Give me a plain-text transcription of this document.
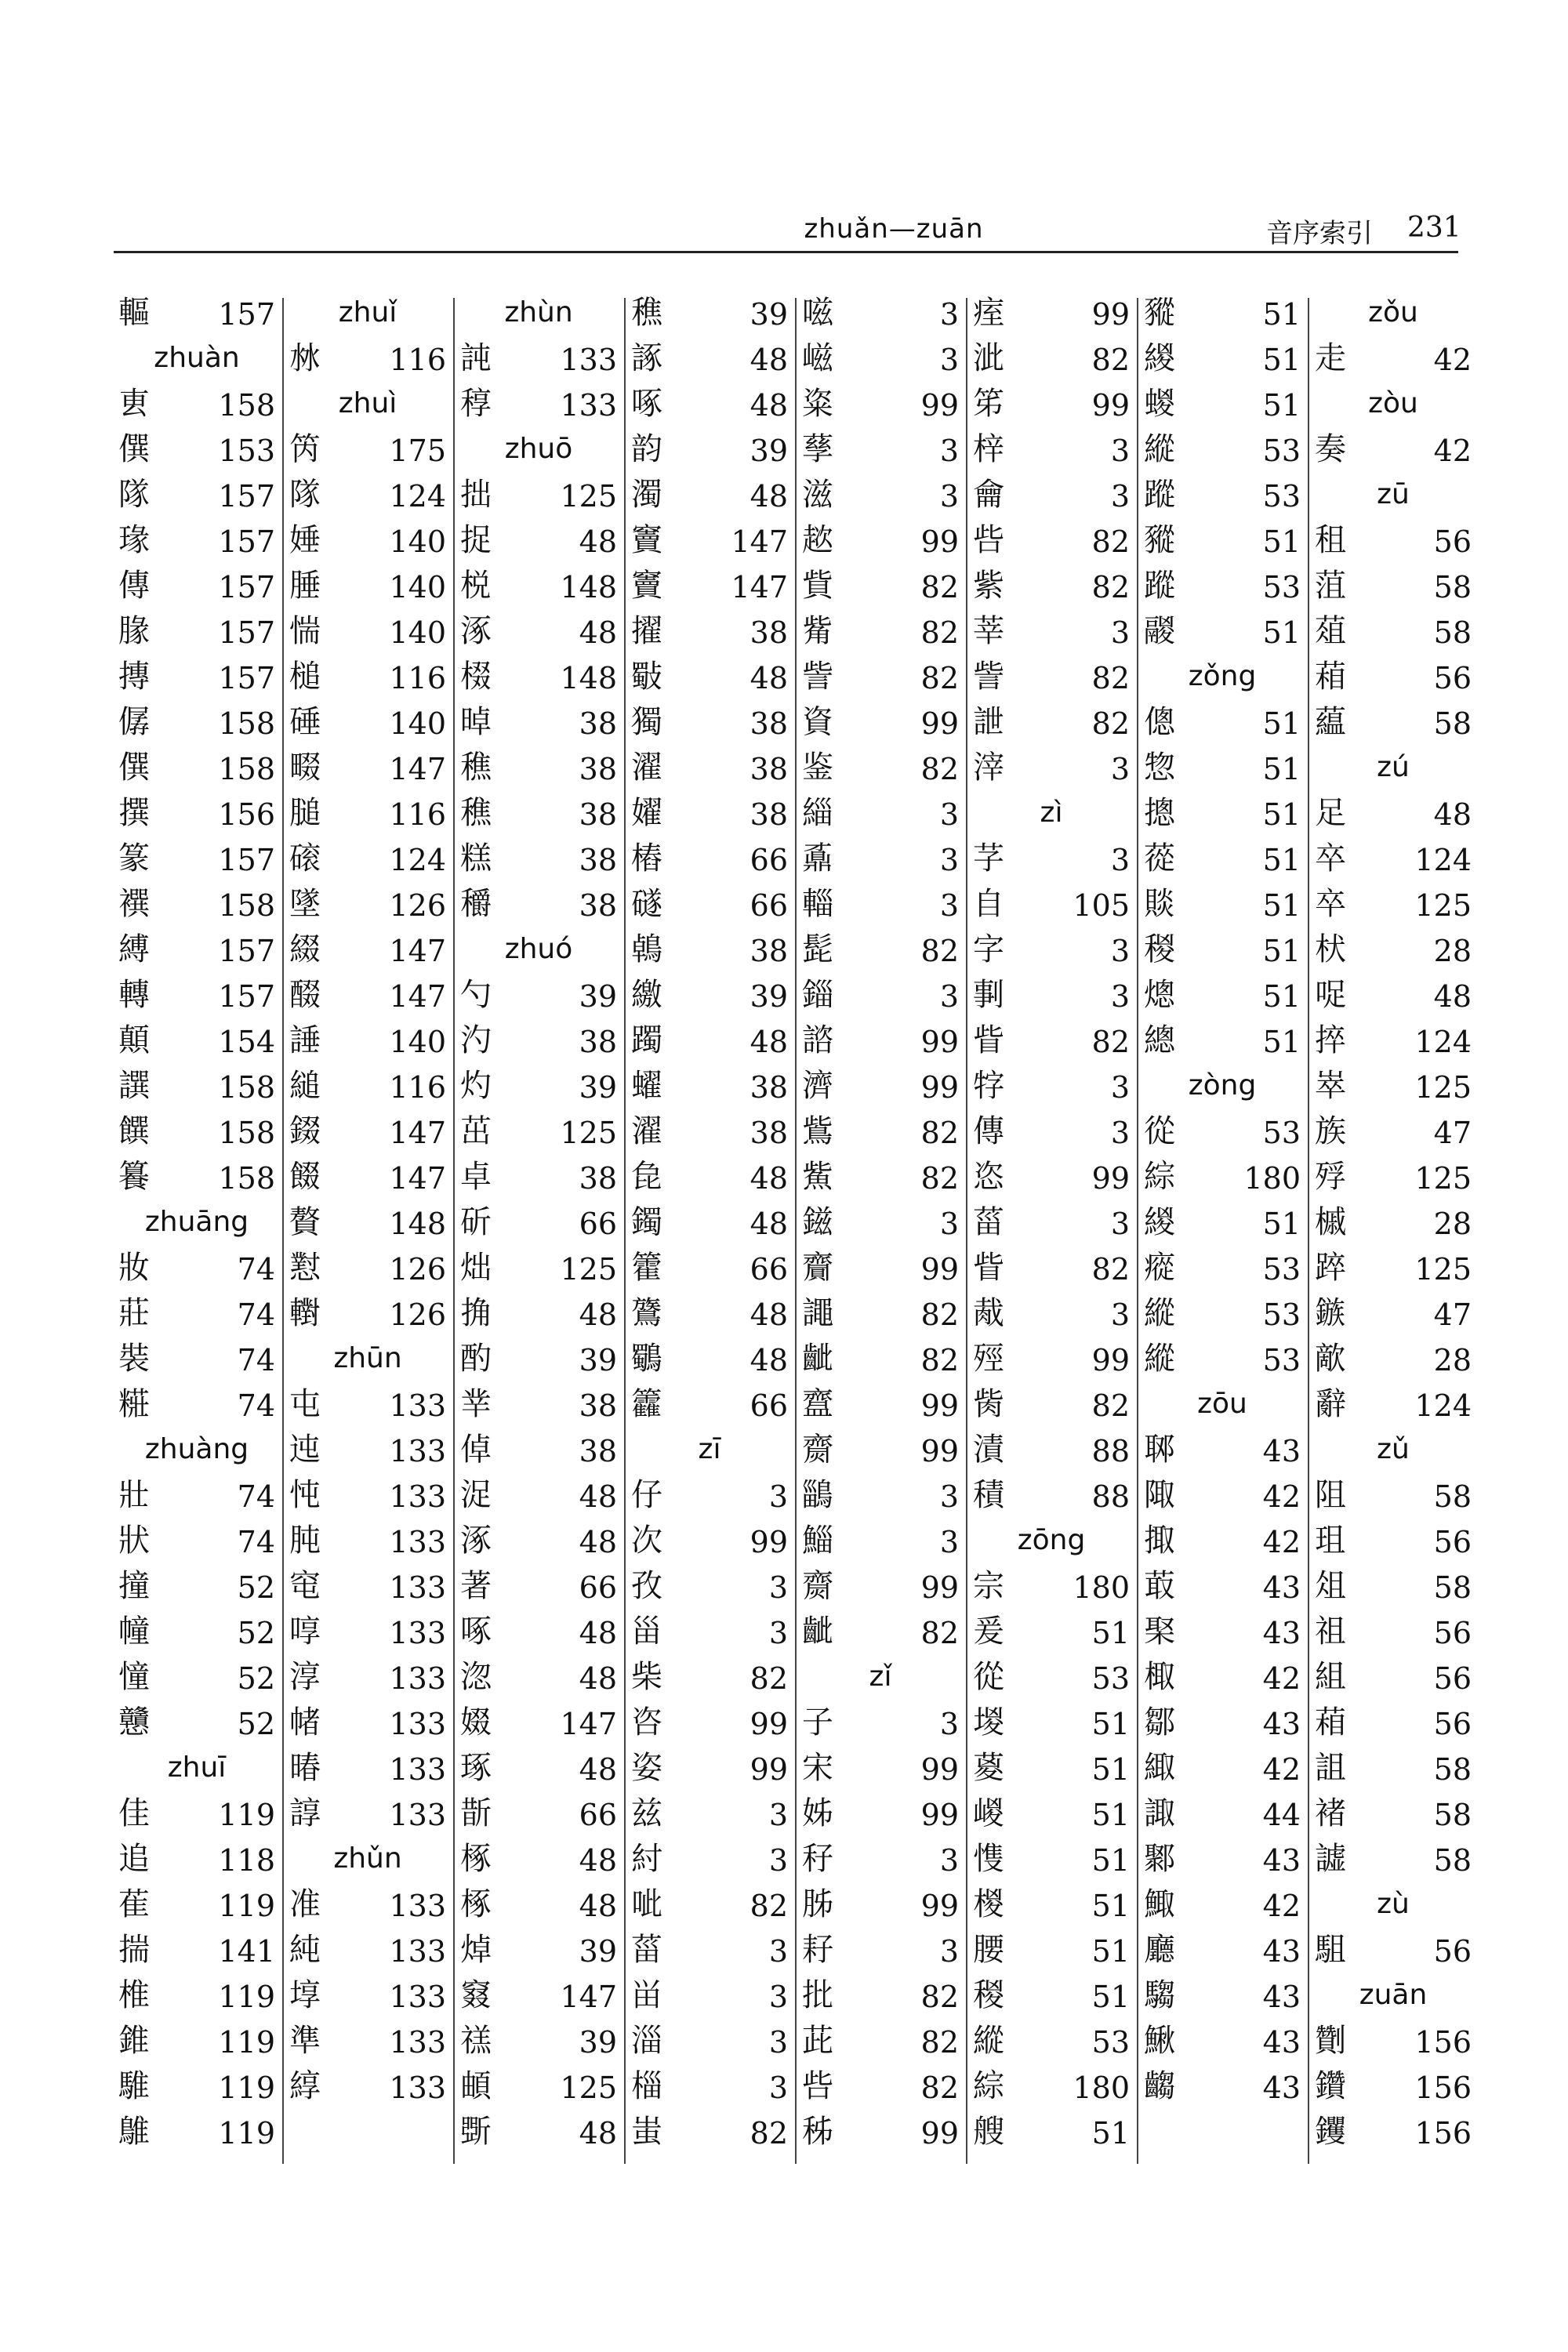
zhuǎn—zuān	音序索引 231
䡱 157
zhuàn
叀 158
僎 153
隊 157
瑑 157
傳 157
腞 157
摶 157
僝 158
僎 158
撰 156
篆 157
襈 158
縛 157
轉 157
顛 154
譔 158
饌 158
籑 158
zhuāng
妝	74
莊	74
裝	74
糚	74
zhuàng
壯	74
狀	74
撞	52
幢	52
憧	52
戇	52
zhuī
佳 119
追 118
萑 119
揣 141
椎 119
錐 119
騅 119
鵻 119
zhuǐ
沝 116
zhuì
笍 175
隊 124
娷 140
腄 140
惴 140
槌 116
硾 140
畷 147
膇 116
磙 124
墜 126
綴 147
醊 147
諈 140
縋 116
錣 147
餟 147
贅 148
懟 126
轛 126
zhūn
屯 133
迍 133
忳 133
肫 133
窀 133
啍 133
淳 133
帾 133
暙 133
諄 133
zhǔn
准 133
純 133
埻 133
準 133
綧 133
zhùn
訰 133
稕 133
zhuō
拙 125
捉	48
棁 148
涿	48
棳 148
晫	38
穛	38
穛	38
糕	38
穱	38
zhuó
勺	39
汋	38
灼	39
茁 125
卓	38
斫	66
炪 125
捔	48
酌	39
丵	38
倬	38
浞	48
涿	48
著	66
啄	48
淴	48
娺 147
琢	48
斮	66
椓	48
椓	48
焯	39
窡 147
禚	39
頔 125
斲	48
穛	39
諑	48
啄	48
韵	39
濁	48
竇 147
竇 147
擢	38
斀	48
獨	38
濯	38
嬥	38
樁	66
礈	66
鵫	38
繳	39
躅	48
蠗	38
濯	38
㲋	48
鐲	48
籗	66
鷟	48
鸀	48
籱	66
zī
仔	3
次	99
孜	3
甾	3
柴	82
咨	99
姿	99
兹	3
紂	3
呲	82
菑	3
畄	3
淄	3
椔	3
蚩	82
嗞	3
嵫	3
粢	99
孶	3
滋	3
趑	99
貲	82
觜	82
訾	82
資	99
鉴	82
緇	3
鼒	3
輜	3
髭	82
錙	3
諮	99
濟	99
鴜	82
鮆	82
鎡	3
齎	99
譝	82
齜	82
齍	99
齌	99
鶅	3
鯔	3
齌	99
齜	82
zǐ
子	3
宋	99
姊	99
秄	3
胏	99
耔	3
批	82
茈	82
呰	82
秭	99
痓	99
泚	82
笫	99
梓	3
龠	3
呰	82
紫	82
莘	3
訾	82
詍	82
滓	3
zì
芓	3
自 105
字	3
剚	3
眥	82
牸	3
傳	3
恣	99
菑	3
眥	82
胾	3
殌	99
胔	82
漬	88
積	88
zōng
宗 180
爰	51
從	53
堫	51
葼	51
嵕	51
愯	51
椶	51
腰	51
稯	51
縱	53
綜 180
艘	51
豵	51
緵	51
蝬	51
縱	53
蹤	53
豵	51
蹤	53
鬷	51
zǒng
傯	51
惣	51
摠	51
蓯	51
賧	51
稯	51
熜	51
總	51
zòng
從	53
綜 180
緵	51
瘲	53
縱	53
縱	53
zōu
郰	43
陬	42
掫	42
菆	43
棸	43
棷	42
鄒	43
緅	42
諏	44
鄹	43
鯫	42
廳	43
騶	43
鰍	43
齺	43
zǒu
走	42
zòu
奏	42
zū
租	56
菹	58
葅	58
葙	56
藴	58
zú
足	48
卒 124
卒 125
枤	28
哫	48
捽 124
崒 125
族	47
殍 125
槭	28
踤 125
鏃	47
歒	28
辭 124
zǔ
阻	58
珇	56
俎	58
祖	56
組	56
葙	56
詛	58
褚	58
譃	58
zù
駔	56
zuān
劗 156
鑽 156
钁 156
